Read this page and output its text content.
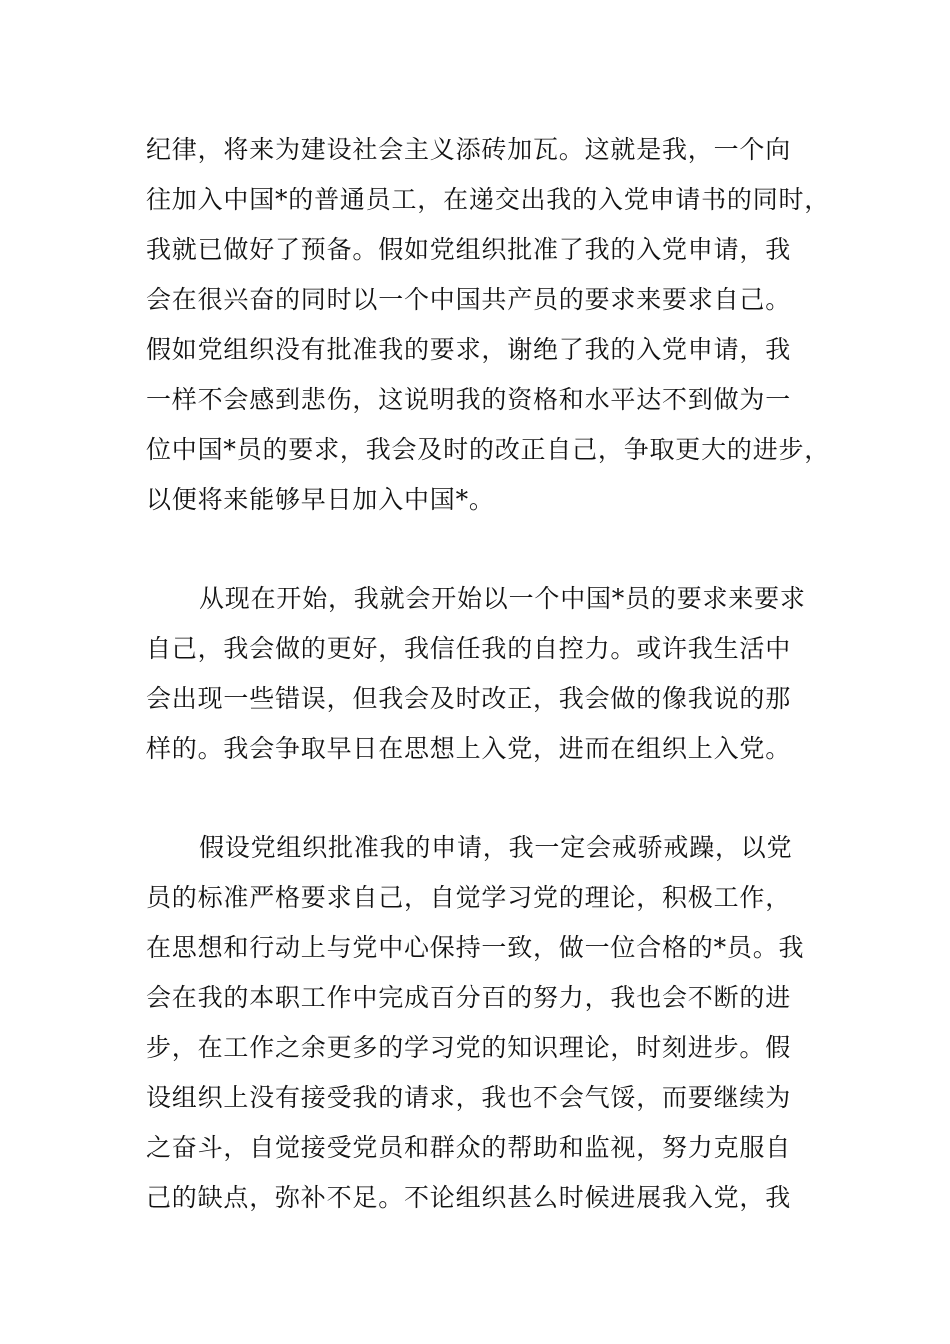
纪律，将来为建设社会主义添砖加瓦。这就是我，一个向
往加入中国*的普通员工，在递交出我的入党申请书的同时，
我就已做好了预备。假如党组织批准了我的入党申请，我
会在很兴奋的同时以一个中国共产员的要求来要求自己。
假如党组织没有批准我的要求，谢绝了我的入党申请，我
一样不会感到悲伤，这说明我的资格和水平达不到做为一
位中国*员的要求，我会及时的改正自己，争取更大的进步，
以便将来能够早日加入中国*。
从现在开始，我就会开始以一个中国*员的要求来要求
自己，我会做的更好，我信任我的自控力。或许我生活中
会出现一些错误，但我会及时改正，我会做的像我说的那
样的。我会争取早日在思想上入党，进而在组织上入党。
假设党组织批准我的申请，我一定会戒骄戒躁，以党
员的标准严格要求自己，自觉学习党的理论，积极工作，
在思想和行动上与党中心保持一致，做一位合格的*员。我
会在我的本职工作中完成百分百的努力，我也会不断的进
步，在工作之余更多的学习党的知识理论，时刻进步。假
设组织上没有接受我的请求，我也不会气馁，而要继续为
之奋斗，自觉接受党员和群众的帮助和监视，努力克服自
己的缺点，弥补不足。不论组织甚么时候进展我入党，我
